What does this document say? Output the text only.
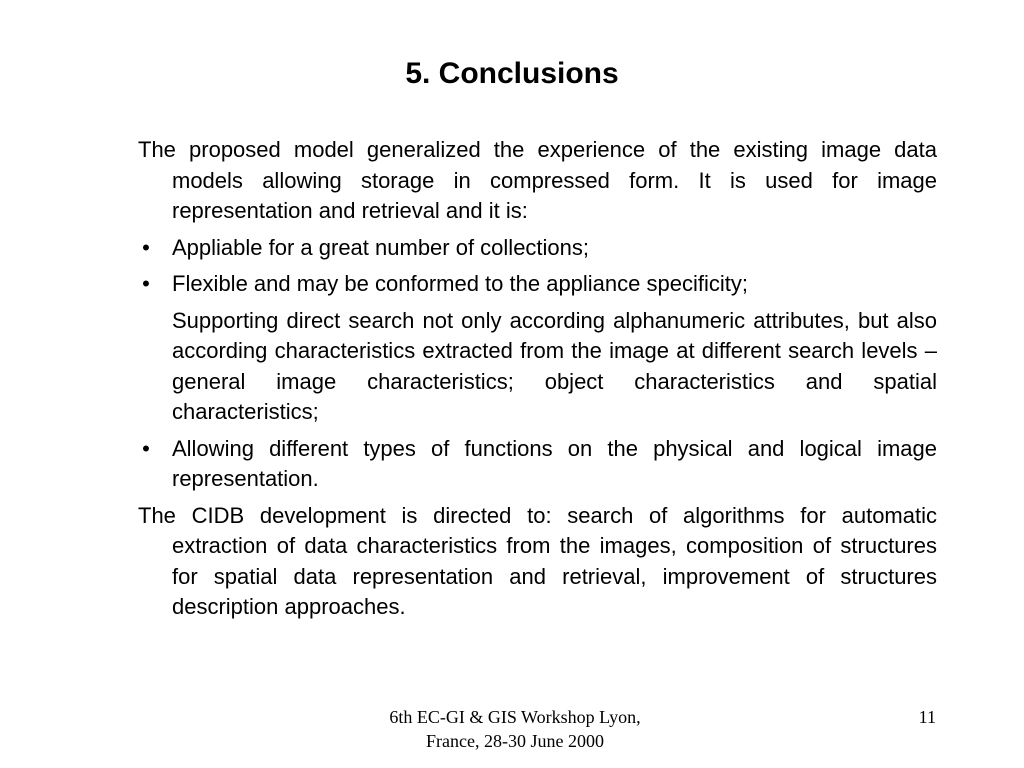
5. Conclusions
The proposed model generalized the experience of the existing image data models allowing storage in compressed form. It is used for image representation and retrieval and it is:
• Appliable for a great number of collections;
• Flexible and may be conformed to the appliance specificity;
Supporting direct search not only according alphanumeric attributes, but also according characteristics extracted from the image at different search levels – general image characteristics; object characteristics and spatial characteristics;
• Allowing different types of functions on the physical and logical image representation.
The CIDB development is directed to: search of algorithms for automatic extraction of data characteristics from the images, composition of structures for spatial data representation and retrieval, improvement of structures description approaches.
6th EC-GI & GIS Workshop Lyon,
France, 28-30 June 2000
11
